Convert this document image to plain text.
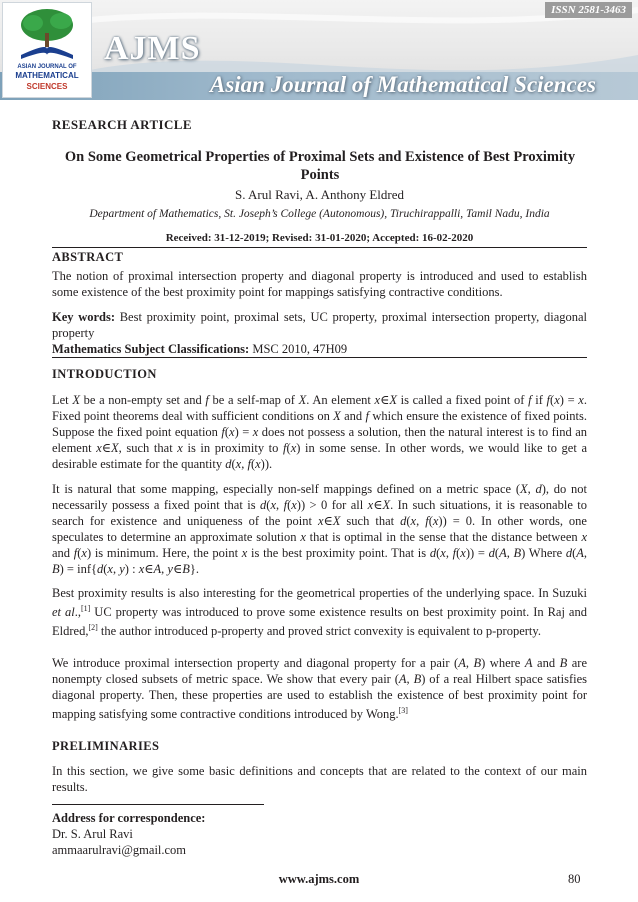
ISSN 2581-3463
ASIAN JOURNAL OF
MATHEMATICAL
SCIENCES
AJMS
Asian Journal of Mathematical Sciences
RESEARCH ARTICLE
On Some Geometrical Properties of Proximal Sets and Existence of Best Proximity Points
S. Arul Ravi, A. Anthony Eldred
Department of Mathematics, St. Joseph’s College (Autonomous), Tiruchirappalli, Tamil Nadu, India
Received: 31-12-2019; Revised: 31-01-2020; Accepted: 16-02-2020
ABSTRACT
The notion of proximal intersection property and diagonal property is introduced and used to establish some existence of the best proximity point for mappings satisfying contractive conditions.
Key words: Best proximity point, proximal sets, UC property, proximal intersection property, diagonal property
Mathematics Subject Classifications: MSC 2010, 47H09
INTRODUCTION
Let X be a non-empty set and f be a self-map of X. An element x∈X is called a fixed point of f if f(x) = x. Fixed point theorems deal with sufficient conditions on X and f which ensure the existence of fixed points. Suppose the fixed point equation f(x) = x does not possess a solution, then the natural interest is to find an element x∈X, such that x is in proximity to f(x) in some sense. In other words, we would like to get a desirable estimate for the quantity d(x, f(x)).
It is natural that some mapping, especially non-self mappings defined on a metric space (X, d), do not necessarily possess a fixed point that is d(x, f(x)) > 0 for all x∈X. In such situations, it is reasonable to search for existence and uniqueness of the point x∈X such that d(x, f(x)) = 0. In other words, one speculates to determine an approximate solution x that is optimal in the sense that the distance between x and f(x) is minimum. Here, the point x is the best proximity point. That is d(x, f(x)) = d(A, B) Where d(A, B) = inf{d(x, y) : x∈A, y∈B}.
Best proximity results is also interesting for the geometrical properties of the underlying space. In Suzuki et al.,[1] UC property was introduced to prove some existence results on best proximity point. In Raj and Eldred,[2] the author introduced p-property and proved strict convexity is equivalent to p-property.
We introduce proximal intersection property and diagonal property for a pair (A, B) where A and B are nonempty closed subsets of metric space. We show that every pair (A, B) of a real Hilbert space satisfies diagonal property. Then, these properties are used to establish the existence of best proximity point for mapping satisfying some contractive conditions introduced by Wong.[3]
PRELIMINARIES
In this section, we give some basic definitions and concepts that are related to the context of our main results.
Address for correspondence:
Dr. S. Arul Ravi
ammaarulravi@gmail.com
www.ajms.com	80
